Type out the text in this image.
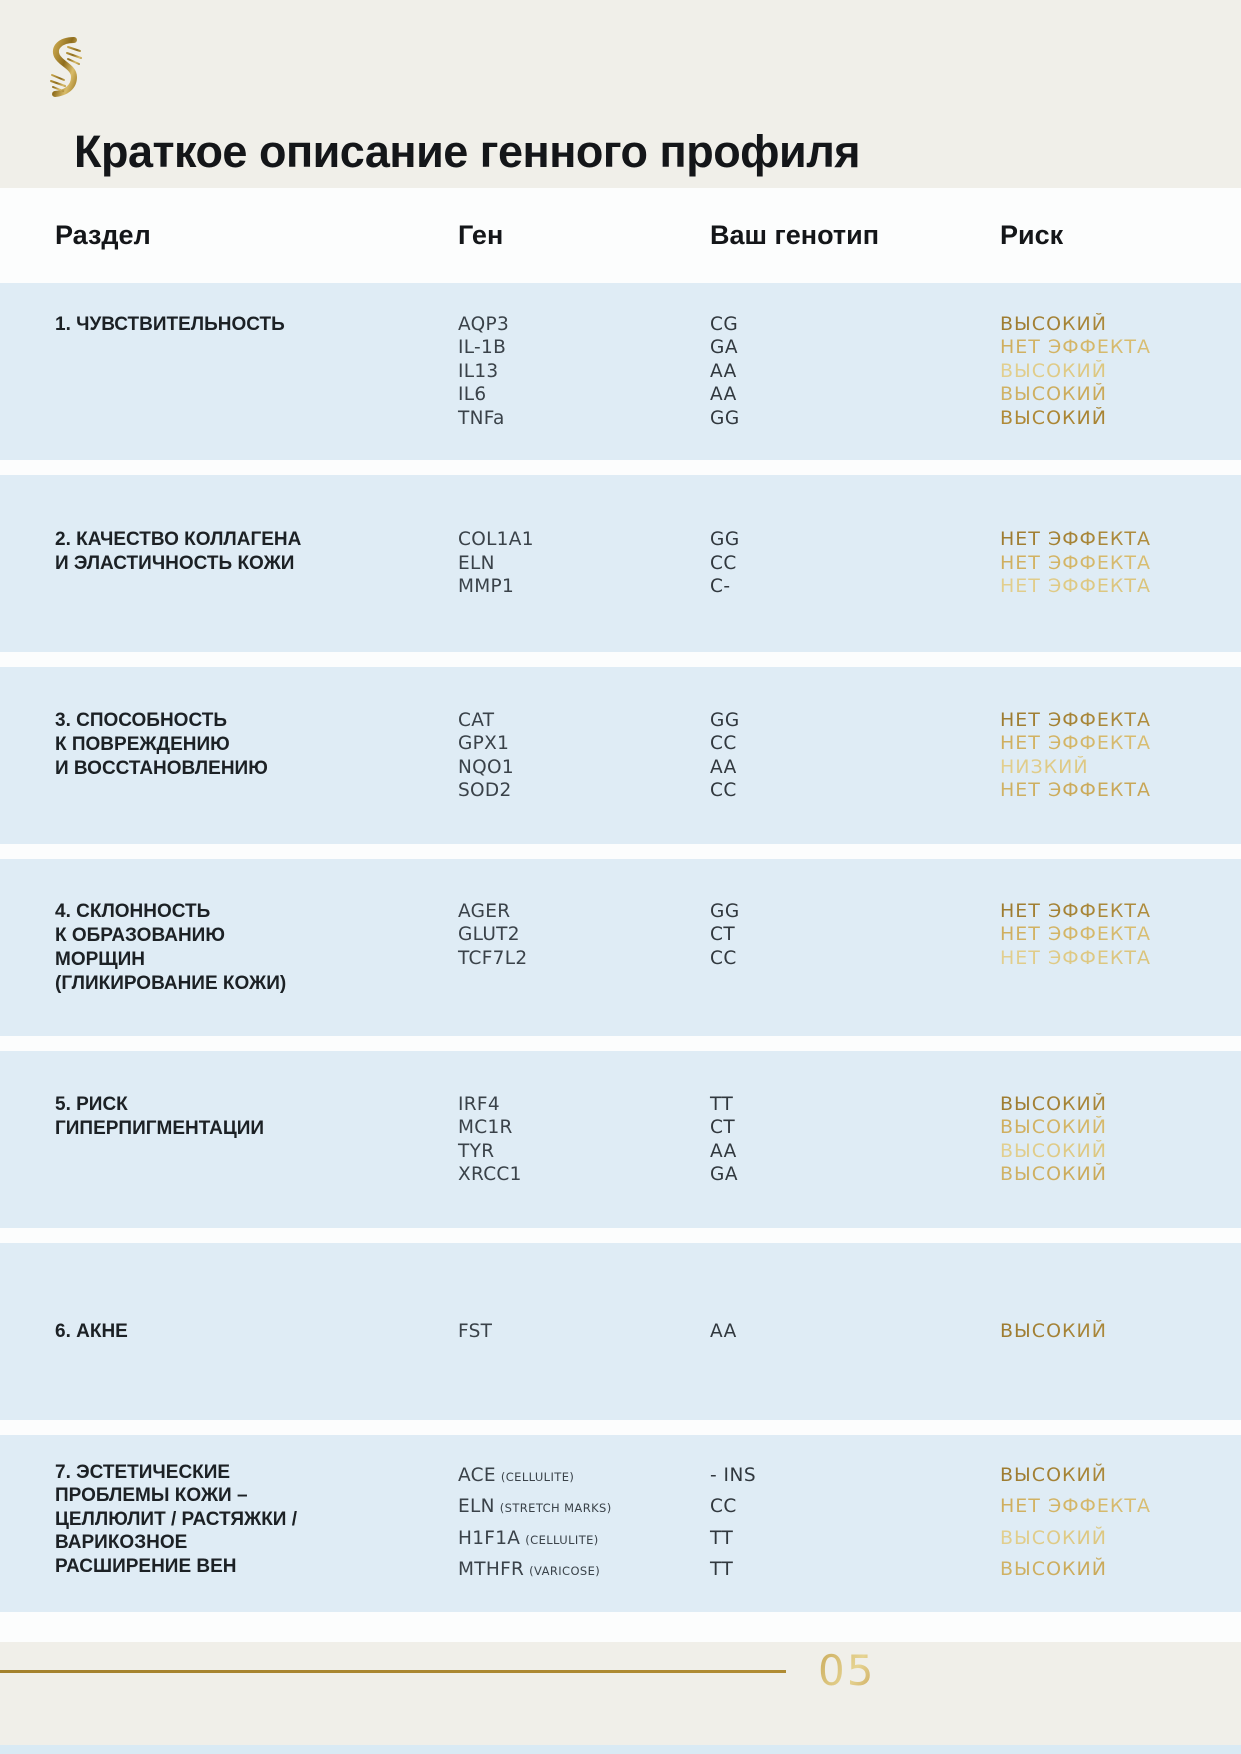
Краткое описание генного профиля
Раздел	Ген	Ваш генотип	Риск
1. ЧУВСТВИТЕЛЬНОСТЬ	AQP3	CG	ВЫСОКИЙ
IL-1B	GA	НЕТ ЭФФЕКТА
IL13	AA	ВЫСОКИЙ
IL6	AA	ВЫСОКИЙ
TNFa	GG	ВЫСОКИЙ
2. КАЧЕСТВО КОЛЛАГЕНА
И ЭЛАСТИЧНОСТЬ КОЖИ
COL1A1	GG	НЕТ ЭФФЕКТА
ELN	CC	НЕТ ЭФФЕКТА
MMP1	C-	НЕТ ЭФФЕКТА
3. СПОСОБНОСТЬ
К ПОВРЕЖДЕНИЮ
И ВОССТАНОВЛЕНИЮ
CAT	GG	НЕТ ЭФФЕКТА
GPX1	CC	НЕТ ЭФФЕКТА
NQO1	AA	НИЗКИЙ
SOD2	CC	НЕТ ЭФФЕКТА
4. СКЛОННОСТЬ
К ОБРАЗОВАНИЮ
МОРЩИН
(ГЛИКИРОВАНИЕ КОЖИ)
AGER	GG	НЕТ ЭФФЕКТА
GLUT2	CT	НЕТ ЭФФЕКТА
TCF7L2	CC	НЕТ ЭФФЕКТА
5. РИСК
ГИПЕРПИГМЕНТАЦИИ
IRF4	TT	ВЫСОКИЙ
MC1R	CT	ВЫСОКИЙ
TYR	AA	ВЫСОКИЙ
XRCC1	GA	ВЫСОКИЙ
6. АКНЕ	FST	AA	ВЫСОКИЙ
7. ЭСТЕТИЧЕСКИЕ
ПРОБЛЕМЫ КОЖИ –
ЦЕЛЛЮЛИТ / РАСТЯЖКИ /
ВАРИКОЗНОЕ
РАСШИРЕНИЕ ВЕН
ACE (CELLULITE)	- INS	ВЫСОКИЙ
ELN (STRETCH MARKS)	CC	НЕТ ЭФФЕКТА
H1F1A (CELLULITE)	TT	ВЫСОКИЙ
MTHFR (VARICOSE)	TT	ВЫСОКИЙ
05
